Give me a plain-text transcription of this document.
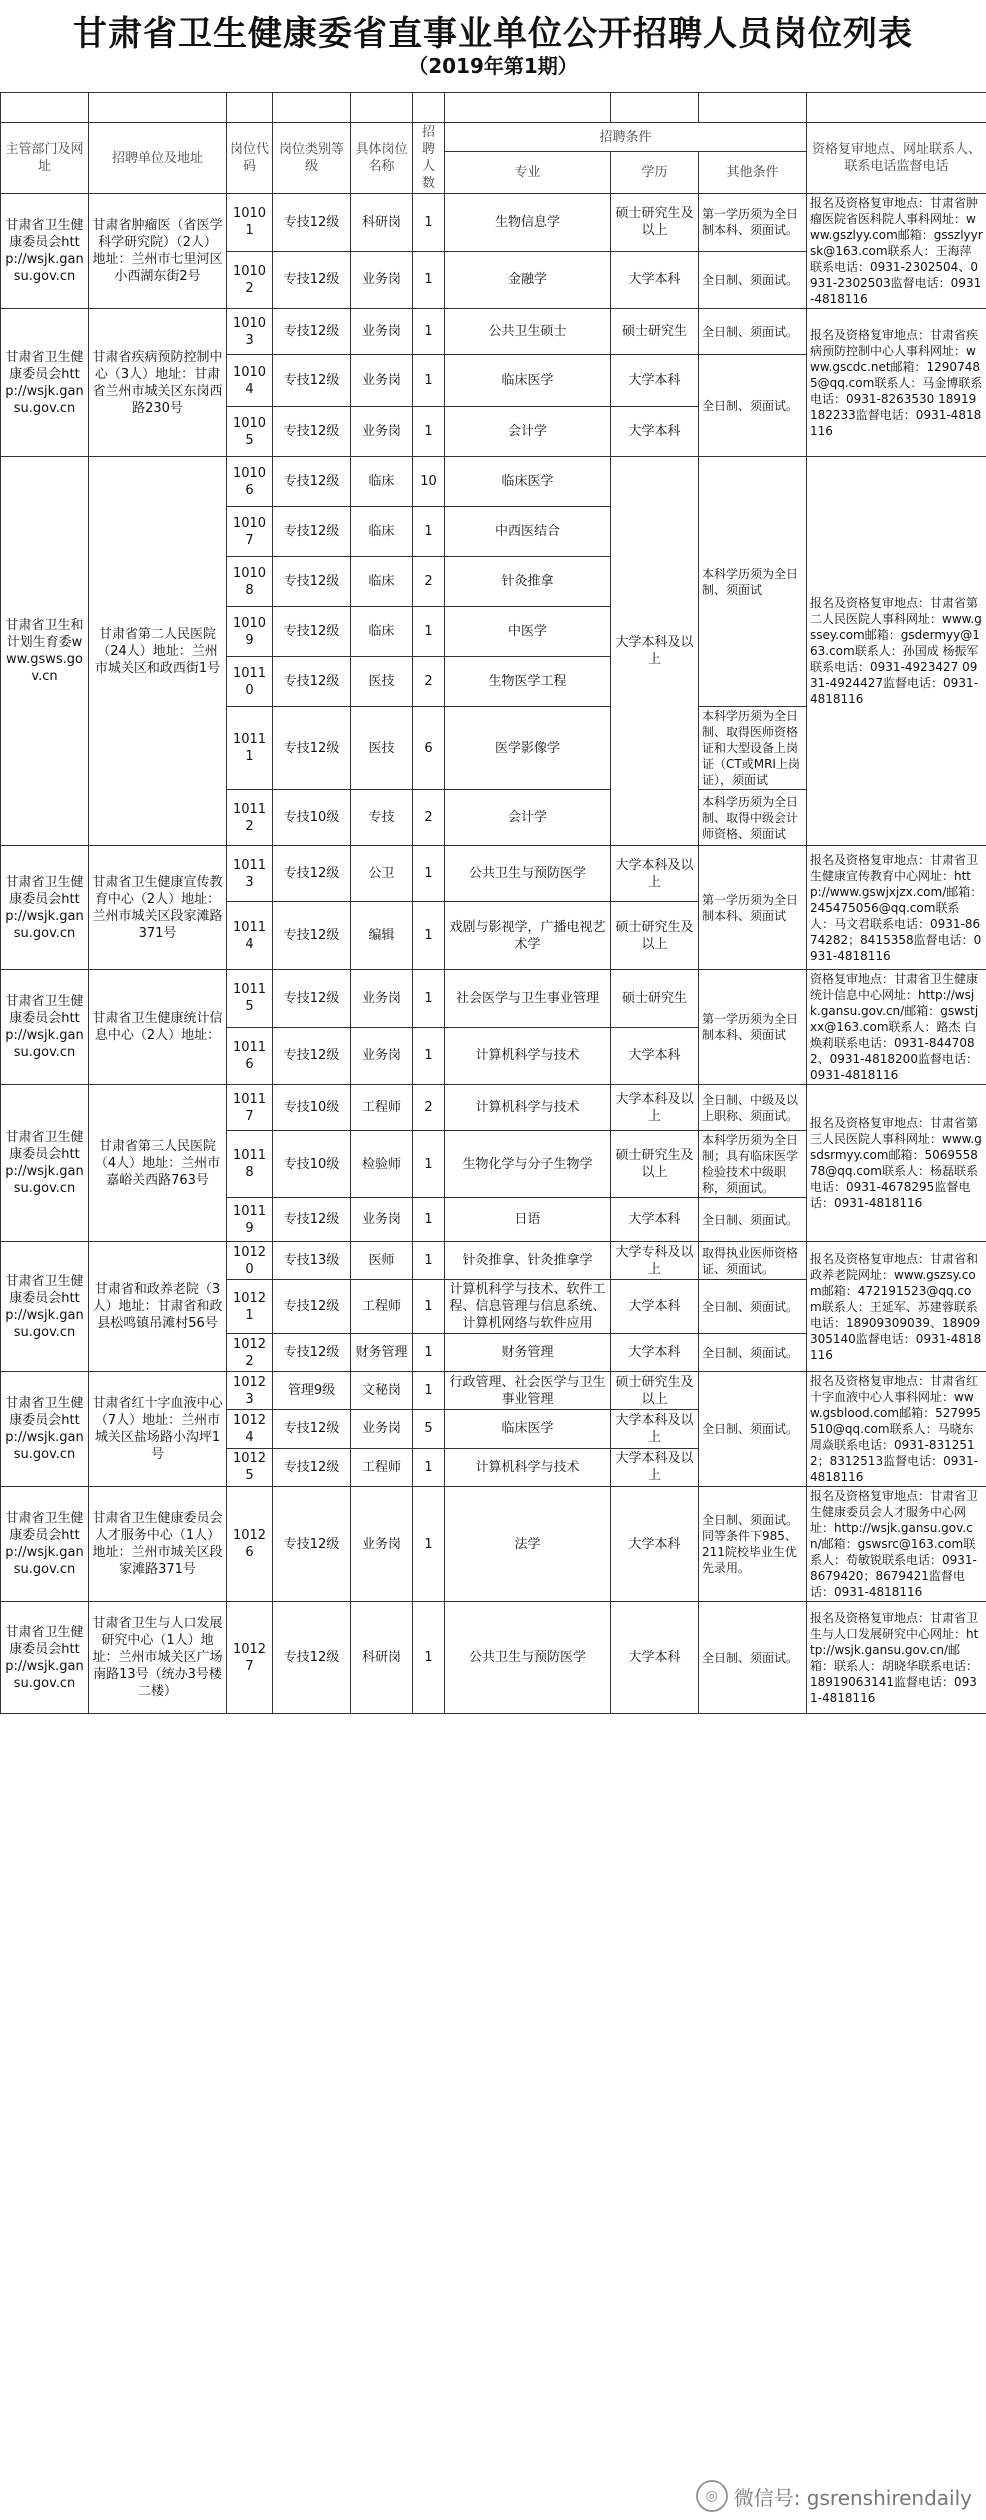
甘肃省卫生健康委省直事业单位公开招聘人员岗位列表
（2019年第1期）

主管部门及网址	招聘单位及地址	岗位代码	岗位类别等级	具体岗位名称	招聘人数	招聘条件			资格复审地点、网址联系人、联系电话监督电话
						专业	学历	其他条件	
甘肃省卫生健康委员会http://wsjk.gansu.gov.cn	甘肃省肿瘤医（省医学科学研究院）（2人）地址：兰州市七里河区小西湖东街2号	10101	专技12级	科研岗	1	生物信息学	硕士研究生及以上	第一学历须为全日制本科、须面试。	报名及资格复审地点：甘肃省肿瘤医院省医科院人事科网址：www.gszlyy.com邮箱：gsszlyyrsk@163.com联系人：王海萍联系电话：0931-2302504、0931-2302503监督电话：0931-4818116
		10102	专技12级	业务岗	1	金融学	大学本科	全日制、须面试。	
甘肃省卫生健康委员会http://wsjk.gansu.gov.cn	甘肃省疾病预防控制中心（3人）地址：甘肃省兰州市城关区东岗西路230号	10103	专技12级	业务岗	1	公共卫生硕士	硕士研究生	全日制、须面试。	报名及资格复审地点：甘肃省疾病预防控制中心人事科网址：www.gscdc.net邮箱：12907485@qq.com联系人：马金博联系电话：0931-8263530 18919182233监督电话：0931-4818116
		10104	专技12级	业务岗	1	临床医学	大学本科	全日制、须面试。	
		10105	专技12级	业务岗	1	会计学	大学本科		
甘肃省卫生和计划生育委www.gsws.gov.cn	甘肃省第二人民医院（24人）地址：兰州市城关区和政西街1号	10106	专技12级	临床	10	临床医学	大学本科及以上	本科学历须为全日制、须面试	报名及资格复审地点：甘肃省第二人民医院人事科网址：www.gssey.com邮箱：gsdermyy@163.com联系人：孙国成 杨振军联系电话：0931-4923427 0931-4924427监督电话：0931-4818116
		10107	专技12级	临床	1	中西医结合			
		10108	专技12级	临床	2	针灸推拿			
		10109	专技12级	临床	1	中医学			
		10110	专技12级	医技	2	生物医学工程			
		10111	专技12级	医技	6	医学影像学		本科学历须为全日制、取得医师资格证和大型设备上岗证（CT或MRI上岗证），须面试	
		10112	专技10级	专技	2	会计学		本科学历须为全日制、取得中级会计师资格、须面试	
甘肃省卫生健康委员会http://wsjk.gansu.gov.cn	甘肃省卫生健康宣传教育中心（2人）地址：兰州市城关区段家滩路371号	10113	专技12级	公卫	1	公共卫生与预防医学	大学本科及以上	第一学历须为全日制本科、须面试	报名及资格复审地点：甘肃省卫生健康宣传教育中心网址：http://www.gswjxjzx.com/邮箱：245475056@qq.com联系人：马文君联系电话：0931-8674282；8415358监督电话：0931-4818116
		10114	专技12级	编辑	1	戏剧与影视学，广播电视艺术学	硕士研究生及以上		
甘肃省卫生健康委员会http://wsjk.gansu.gov.cn	甘肃省卫生健康统计信息中心（2人）地址：	10115	专技12级	业务岗	1	社会医学与卫生事业管理	硕士研究生	第一学历须为全日制本科、须面试	资格复审地点：甘肃省卫生健康统计信息中心网址：http://wsjk.gansu.gov.cn/邮箱：gswstjxx@163.com联系人：路杰 白焕莉联系电话：0931-8447082、0931-4818200监督电话：0931-4818116
		10116	专技12级	业务岗	1	计算机科学与技术	大学本科		
甘肃省卫生健康委员会http://wsjk.gansu.gov.cn	甘肃省第三人民医院（4人）地址：兰州市嘉峪关西路763号	10117	专技10级	工程师	2	计算机科学与技术	大学本科及以上	全日制、中级及以上职称、须面试。	报名及资格复审地点：甘肃省第三人民医院人事科网址：www.gsdsrmyy.com邮箱：506955878@qq.com联系人：杨磊联系电话：0931-4678295监督电话：0931-4818116
		10118	专技10级	检验师	1	生物化学与分子生物学	硕士研究生及以上	本科学历须为全日制；具有临床医学检验技术中级职称，须面试。	
		10119	专技12级	业务岗	1	日语	大学本科	全日制、须面试。	
甘肃省卫生健康委员会http://wsjk.gansu.gov.cn	甘肃省和政养老院（3人）地址：甘肃省和政县松鸣镇吊滩村56号	10120	专技13级	医师	1	针灸推拿、针灸推拿学	大学专科及以上	取得执业医师资格证、须面试。	报名及资格复审地点：甘肃省和政养老院网址：www.gszsy.com邮箱：472191523@qq.com联系人：王延军、苏建蓉联系电话：18909309039、18909305140监督电话：0931-4818116
		10121	专技12级	工程师	1	计算机科学与技术、软件工程、信息管理与信息系统、计算机网络与软件应用	大学本科	全日制、须面试。	
		10122	专技12级	财务管理	1	财务管理	大学本科	全日制、须面试。	
甘肃省卫生健康委员会http://wsjk.gansu.gov.cn	甘肃省红十字血液中心（7人）地址：兰州市城关区盐场路小沟坪1号	10123	管理9级	文秘岗	1	行政管理、社会医学与卫生事业管理	硕士研究生及以上	全日制、须面试。	报名及资格复审地点：甘肃省红十字血液中心人事科网址：www.gsblood.com邮箱：527995510@qq.com联系人：马晓东 周焱联系电话：0931-8312512；8312513监督电话：0931-4818116
		10124	专技12级	业务岗	5	临床医学	大学本科及以上		
		10125	专技12级	工程师	1	计算机科学与技术	大学本科及以上		
甘肃省卫生健康委员会http://wsjk.gansu.gov.cn	甘肃省卫生健康委员会人才服务中心（1人）地址：兰州市城关区段家滩路371号	10126	专技12级	业务岗	1	法学	大学本科	全日制、须面试。同等条件下985、211院校毕业生优先录用。	报名及资格复审地点：甘肃省卫生健康委员会人才服务中心网址：http://wsjk.gansu.gov.cn/邮箱：gswsrc@163.com联系人：苟敏锐联系电话：0931-8679420；8679421监督电话：0931-4818116
甘肃省卫生健康委员会http://wsjk.gansu.gov.cn	甘肃省卫生与人口发展研究中心（1人）地址：兰州市城关区广场南路13号（统办3号楼二楼）	10127	专技12级	科研岗	1	公共卫生与预防医学	大学本科	全日制、须面试。	报名及资格复审地点：甘肃省卫生与人口发展研究中心网址：http://wsjk.gansu.gov.cn/邮箱：联系人：胡晓华联系电话：18919063141监督电话：0931-4818116
◎ 微信号: gsrenshirendaily
